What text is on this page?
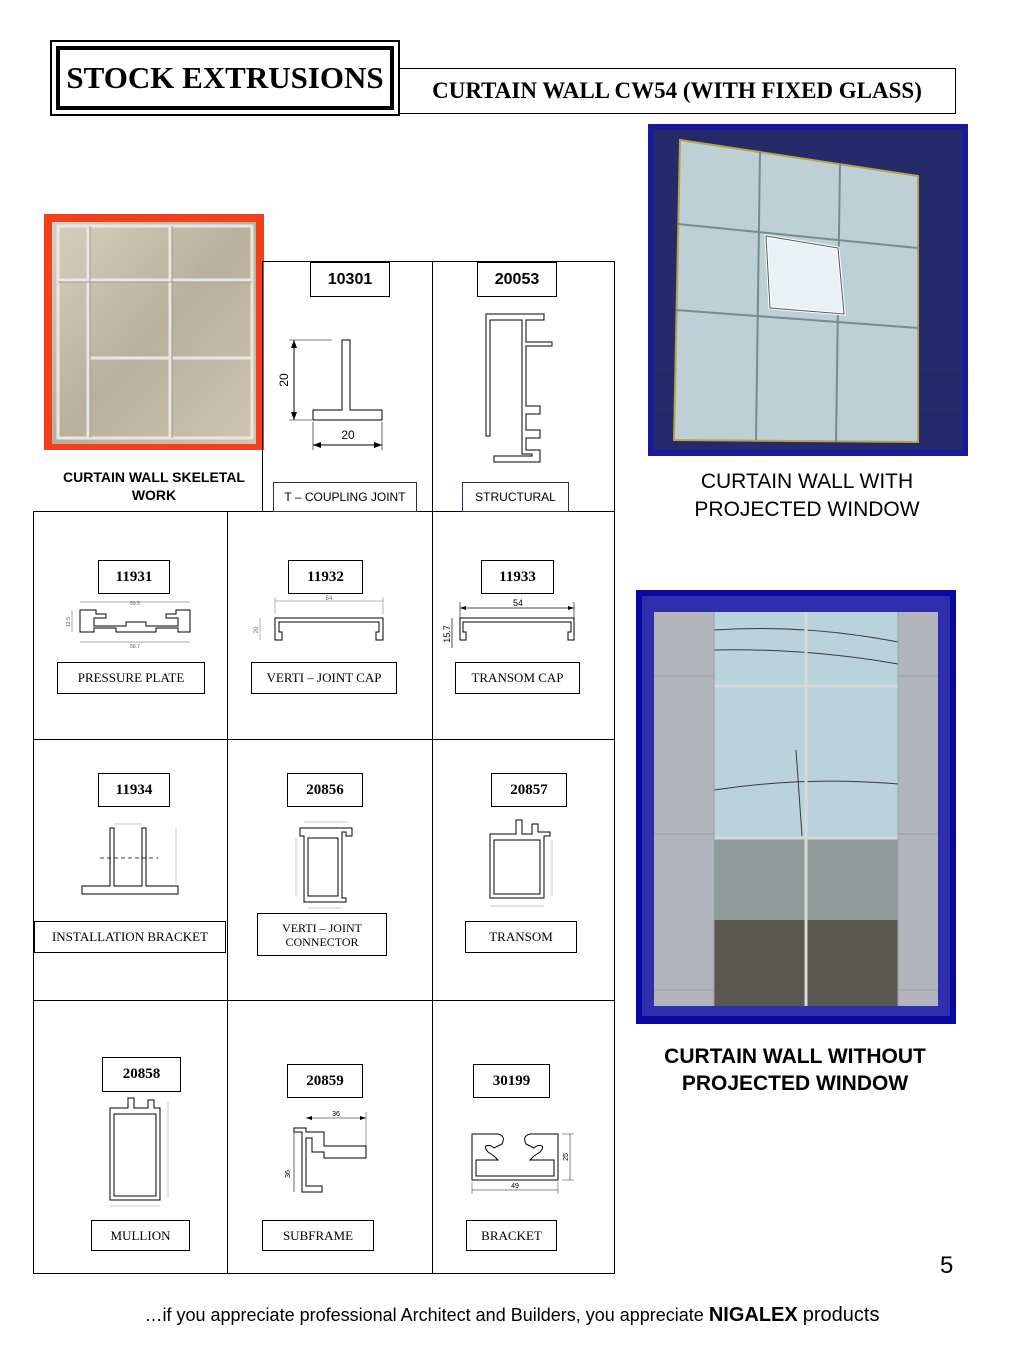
STOCK EXTRUSIONS CURTAIN WALL CW54 (WITH FIXED GLASS)
CURTAIN WALL SKELETAL WORK
CURTAIN WALL WITH PROJECTED WINDOW
CURTAIN WALL WITHOUT PROJECTED WINDOW
10301
20
20
T – COUPLING JOINT
20053
STRUCTURAL
11931
59.5
12.5
58.7
PRESSURE PLATE
11932
54
20
VERTI – JOINT CAP
11933
54
15.7
TRANSOM CAP
11934
INSTALLATION BRACKET
20856
VERTI – JOINT CONNECTOR
20857
TRANSOM
20858
MULLION
20859
36
36
SUBFRAME
30199
25
49
BRACKET
5
…if you appreciate professional Architect and Builders, you appreciate NIGALEX products
